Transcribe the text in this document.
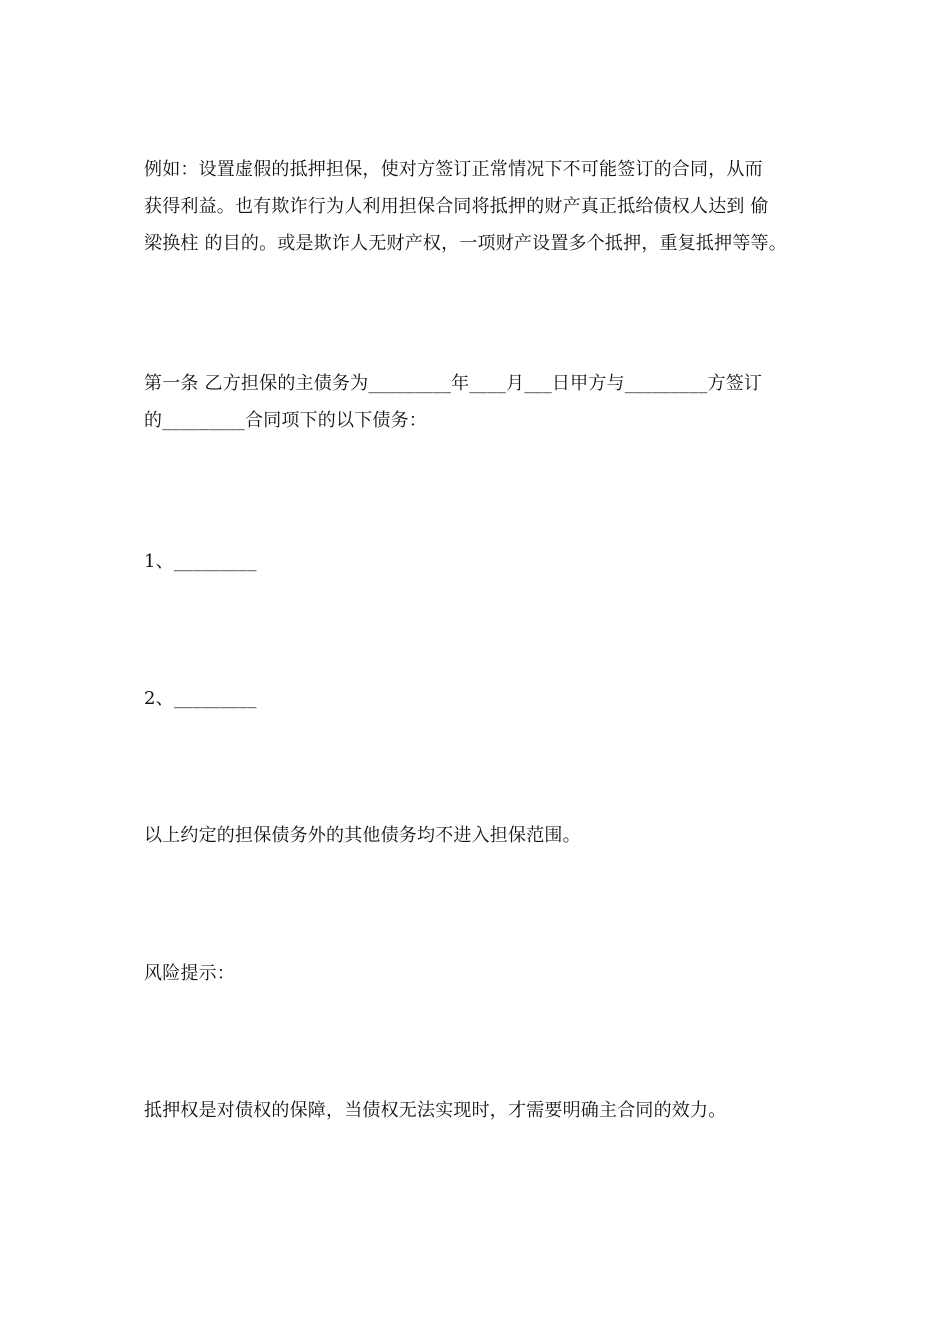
例如：设置虚假的抵押担保，使对方签订正常情况下不可能签订的合同，从而
获得利益。也有欺诈行为人利用担保合同将抵押的财产真正抵给债权人达到 偷
梁换柱 的目的。或是欺诈人无财产权，一项财产设置多个抵押，重复抵押等等。
第一条 乙方担保的主债务为_________年____月___日甲方与_________方签订
的_________合同项下的以下债务：
1、_________
2、_________
以上约定的担保债务外的其他债务均不进入担保范围。
风险提示：
抵押权是对债权的保障，当债权无法实现时，才需要明确主合同的效力。
